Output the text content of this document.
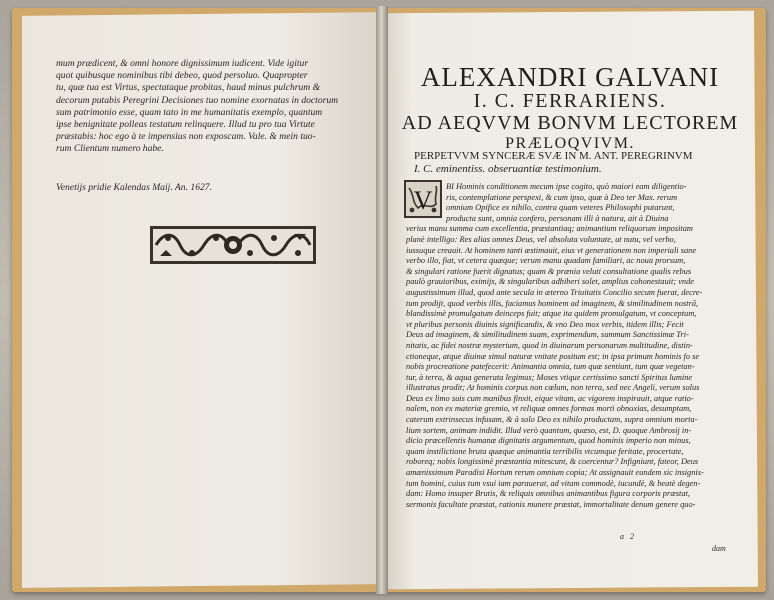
mum prædicent, & omni honore dignissimum iudicent. Vide igitur
quot quibusque nominibus tibi debeo, quod persoluo. Quapropter
tu, quæ tua est Virtus, spectataque probitas, haud minus pulchrum &
decorum putabis Peregrini Decisiones tuo nomine exornatas in doctorum
sum patrimonio esse, quam tato in me humanitatis exemplo, quantum
ipse benignitate polleas testatum relinquere. Illud tu pro tua Virtute
præstabis: hoc ego à te impensius non exposcam. Vale. & mein tuo-
rum Clientum numero habe.
Venetijs pridie Kalendas Maij. An. 1627.
ALEXANDRI GALVANI
I. C. FERRARIENS.
AD AEQVVM BONVM LECTOREM
PRÆLOQVIVM.
PERPETVVM SYNCERÆ SVÆ IN M. ANT. PEREGRINVM
I. C. eminentiss. obseruantiæ testimonium.
V BI Hominis conditionem mecum ipse cogito, quò maiori eam diligentio-
ris, contemplatione perspexi, & cum ipso, quæ à Deo ter Max. rerum
omnium Opifice ex nihilo, contra quam veteres Philosophi putarunt,
producta sunt, omnia confero, personam illi à natura, ait à Diuina
verius manu summa cum excellentia, præstantiaq; animantium reliquorum impositam
planè intelligo: Res alias omnes Deus, vel absoluta voluntate, ut nutu, vel verbo,
iussuque creauit. At hominem tanti æstimauit, eius vt generationem non imperiali sane
verbo illo, fiat, vt cetera quæque; verum manu quadam familiari, ac noua prorsum,
& singulari ratione fuerit dignatus; quam & prænia veluti consultatione qualis rebus
paulò grauioribus, eximijs, & singularibus adhiberi solet, amplius cohonestauit; vnde
augustissimum illud, quod ante secula in æterno Triuitatis Concilio secum fuerat, decre-
tum prodijt, quod verbis illis, faciamus hominem ad imaginem, & similitudinem nostrã,
blandissimè promulgatum deinceps fuit; atque ita quidem promulgatum, vt conceptum,
vt pluribus personis diuinis significandis, & vno Deo mox verbis, itidem illis; Fecit
Deus ad imaginem, & similitudinem suam, exprimendum, summum Sanctissimæ Tri-
nitatis, ac fidei nostræ mysterium, quod in diuinarum personarum multitudine, distin-
ctioneque, atque diuinæ simul naturæ vnitate positum est; in ipsa primum hominis fo se
nobis procreatione patefecerit: Animantia omnia, tum quæ sentiunt, tum quæ vegetan-
tur, à terra, & aqua generata legimus; Moses vtique certissimo sancti Spiritus lumine
illustratus prodit; At hominis corpus non cœlum, non terra, sed nec Angeli, verum solus
Deus ex limo suis cum manibus finxit, eique vitam, ac vigorem inspirauit, atque ratio-
nalem, non ex materiæ gremio, vt reliquæ omnes formas morti obnoxias, desumptam,
caterum extrinsecus infusam, & à solo Deo ex nihilo productam, supra omnium morta-
lium sortem, animam indidit. Illud verò quantum, quæso, est, D. quoque Ambrosij in-
dicio præcellentis humanæ dignitatis argumentum, quod hominis imperio non minus,
quam instilictione bruta quæque animantia terribilis vtcumque feritate, procertate,
roboreq; nobis longissimè præstantia mitescunt, & coercentur? Infigniunt, fateor, Deus
amænissimum Paradisi Hortum rerum omnium copia; At assignauit eundem sic insignis-
tum homini, cuius tum vsui iam parauerat, ad vitam commodè, iucundè, & beatè degen-
dam: Homo insuper Brutis, & reliquis omnibus animantibus figura corporis præstat,
sermonis facultate præstat, rationis munere præstat, immortalitate denum genere quo-
a 2
dam
